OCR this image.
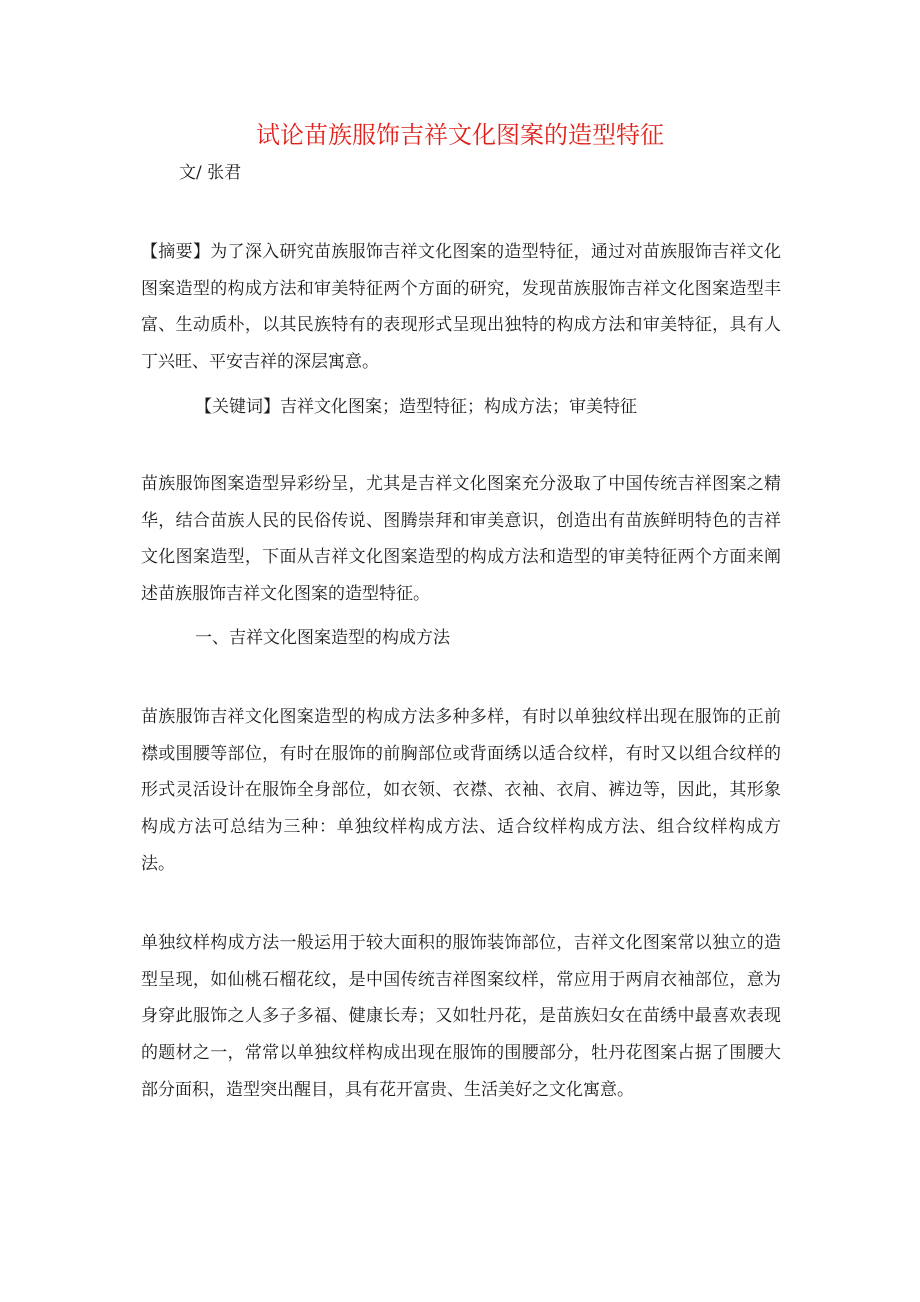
试论苗族服饰吉祥文化图案的造型特征
文/ 张君
【摘要】为了深入研究苗族服饰吉祥文化图案的造型特征，通过对苗族服饰吉祥文化图案造型的构成方法和审美特征两个方面的研究，发现苗族服饰吉祥文化图案造型丰富、生动质朴，以其民族特有的表现形式呈现出独特的构成方法和审美特征，具有人丁兴旺、平安吉祥的深层寓意。
【关键词】吉祥文化图案；造型特征；构成方法；审美特征
苗族服饰图案造型异彩纷呈，尤其是吉祥文化图案充分汲取了中国传统吉祥图案之精华，结合苗族人民的民俗传说、图腾崇拜和审美意识，创造出有苗族鲜明特色的吉祥文化图案造型，下面从吉祥文化图案造型的构成方法和造型的审美特征两个方面来阐述苗族服饰吉祥文化图案的造型特征。
一、吉祥文化图案造型的构成方法
苗族服饰吉祥文化图案造型的构成方法多种多样，有时以单独纹样出现在服饰的正前襟或围腰等部位，有时在服饰的前胸部位或背面绣以适合纹样，有时又以组合纹样的形式灵活设计在服饰全身部位，如衣领、衣襟、衣袖、衣肩、裤边等，因此，其形象构成方法可总结为三种：单独纹样构成方法、适合纹样构成方法、组合纹样构成方法。
单独纹样构成方法一般运用于较大面积的服饰装饰部位，吉祥文化图案常以独立的造型呈现，如仙桃石榴花纹，是中国传统吉祥图案纹样，常应用于两肩衣袖部位，意为身穿此服饰之人多子多福、健康长寿；又如牡丹花，是苗族妇女在苗绣中最喜欢表现的题材之一，常常以单独纹样构成出现在服饰的围腰部分，牡丹花图案占据了围腰大部分面积，造型突出醒目，具有花开富贵、生活美好之文化寓意。
